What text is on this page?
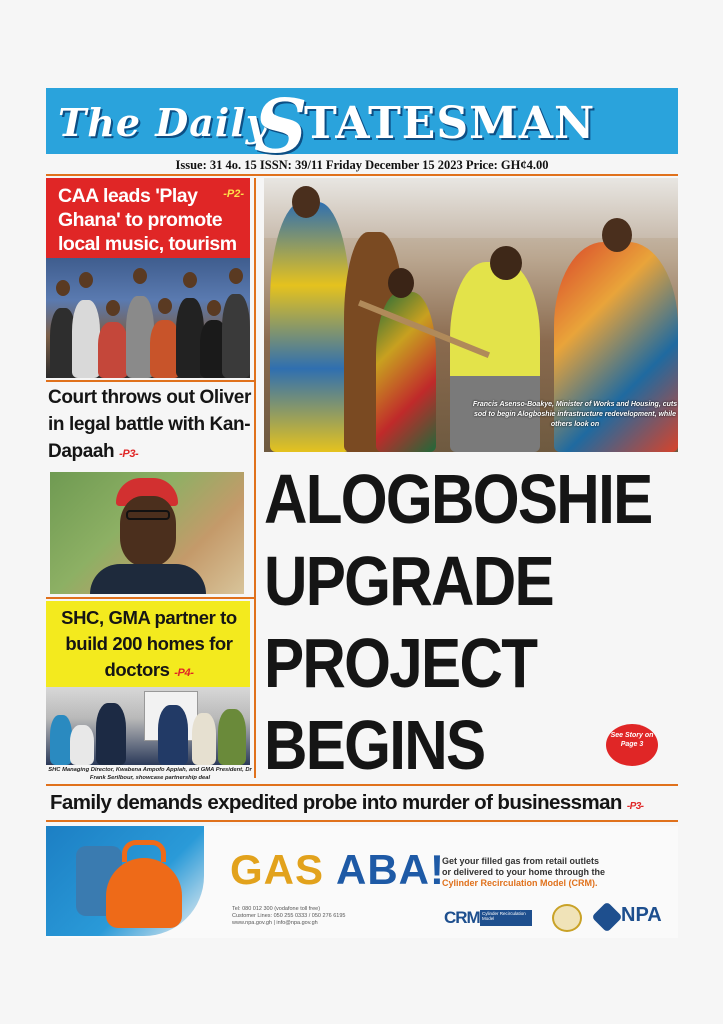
The Daily
S
TATESMAN
Issue: 31 4o. 15 ISSN: 39/11 Friday December 15 2023 Price: GH¢4.00
CAA leads 'Play Ghana' to promote local music, tourism
-P2-
Court throws out Oliver in legal battle with Kan-Dapaah -P3-
SHC, GMA partner to build 200 homes for doctors -P4-
SHC Managing Director, Kwabena Ampofo Appiah, and GMA President, Dr Frank Serilbour, showcase partnership deal
Francis Asenso-Boakye, Minister of Works and Housing, cuts sod to begin Alogboshie infrastructure redevelopment, while others look on
ALOGBOSHIE
UPGRADE
PROJECT
BEGINS	See Story on Page 3
Family demands expedited probe into murder of businessman -P3-
GAS ABA!
Tel: 080 012 300 (vodafone toll free)
Customer Lines: 050 255 0333 / 050 276 6195
www.npa.gov.gh | info@npa.gov.gh
Get your filled gas from retail outlets
or delivered to your home through the
Cylinder Recirculation Model (CRM).
CRM Cylinder Recirculation Model	NPA
